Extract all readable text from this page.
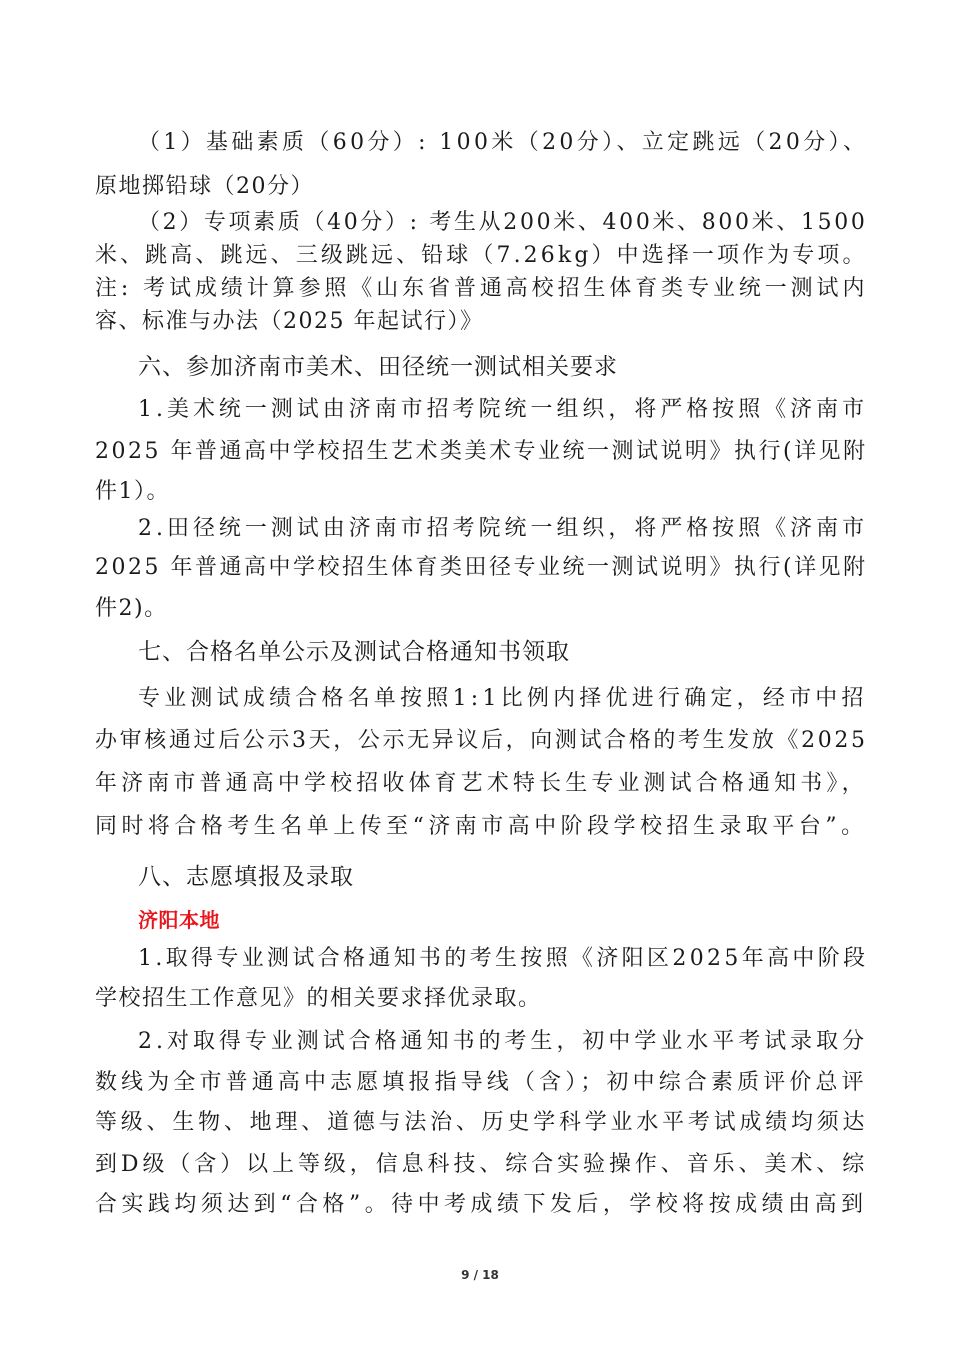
（1）基础素质（60分）: 100米（20分）、立定跳远（20分）、
原地掷铅球（20分）
（2）专项素质（40分）: 考生从200米、400米、800米、1500
米、跳高、跳远、三级跳远、铅球（7.26kg）中选择一项作为专项。
注: 考试成绩计算参照《山东省普通高校招生体育类专业统一测试内
容、标准与办法（2025 年起试行）》
六、参加济南市美术、田径统一测试相关要求
1.美术统一测试由济南市招考院统一组织，将严格按照《济南市
2025 年普通高中学校招生艺术类美术专业统一测试说明》执行(详见附
件1）。
2.田径统一测试由济南市招考院统一组织，将严格按照《济南市
2025 年普通高中学校招生体育类田径专业统一测试说明》执行(详见附
件2)。
七、合格名单公示及测试合格通知书领取
专业测试成绩合格名单按照1:1比例内择优进行确定，经市中招
办审核通过后公示3天，公示无异议后，向测试合格的考生发放《2025
年济南市普通高中学校招收体育艺术特长生专业测试合格通知书》，
同时将合格考生名单上传至“济南市高中阶段学校招生录取平台”。
八、志愿填报及录取
济阳本地
1.取得专业测试合格通知书的考生按照《济阳区2025年高中阶段
学校招生工作意见》的相关要求择优录取。
2.对取得专业测试合格通知书的考生，初中学业水平考试录取分
数线为全市普通高中志愿填报指导线（含）；初中综合素质评价总评
等级、生物、地理、道德与法治、历史学科学业水平考试成绩均须达
到D级（含）以上等级，信息科技、综合实验操作、音乐、美术、综
合实践均须达到“合格”。待中考成绩下发后，学校将按成绩由高到
9 / 18
